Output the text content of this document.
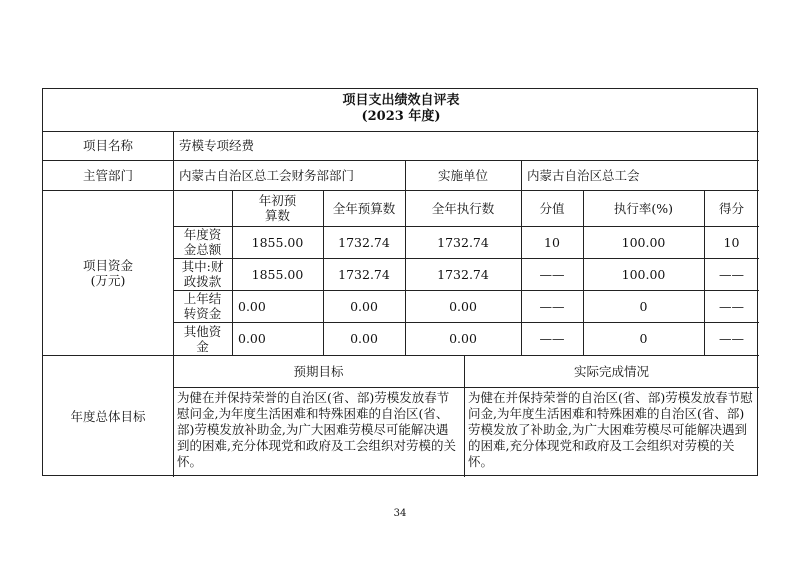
项目支出绩效自评表
(2023 年度)
项目名称	劳模专项经费
主管部门	内蒙古自治区总工会财务部部门	实施单位	内蒙古自治区总工会
项目资金
(万元)
年初预
算数	全年预算数	全年执行数	分值	执行率(%)	得分
年度资
金总额	1855.00	1732.74	1732.74	10	100.00	10
其中:财
政拨款	1855.00	1732.74	1732.74	——	100.00	——
上年结
转资金	0.00	0.00	0.00	——	0	——
其他资
金	0.00	0.00	0.00	——	0	——
年度总体目标
预期目标	实际完成情况
为健在并保持荣誉的自治区(省、部)劳模发放春节慰问金,为年度生活困难和特殊困难的自治区(省、部)劳模发放补助金,为广大困难劳模尽可能解决遇到的困难,充分体现党和政府及工会组织对劳模的关怀。
为健在并保持荣誉的自治区(省、部)劳模发放春节慰问金,为年度生活困难和特殊困难的自治区(省、部)劳模发放了补助金,为广大困难劳模尽可能解决遇到的困难,充分体现党和政府及工会组织对劳模的关怀。
34
